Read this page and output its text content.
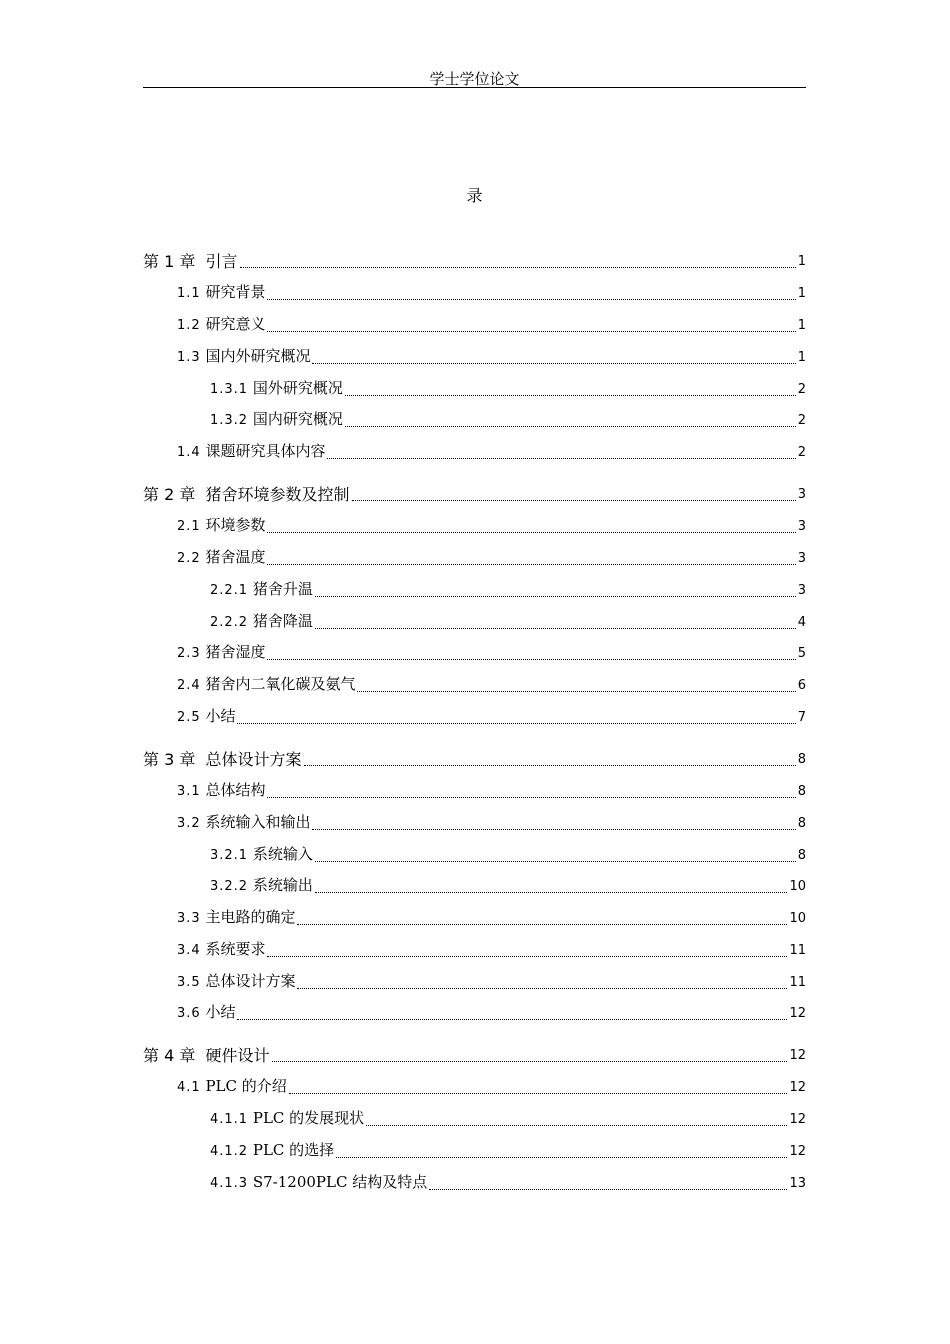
学士学位论文
录
第 1 章 引言	1
1.1 研究背景	1
1.2 研究意义	1
1.3 国内外研究概况	1
1.3.1 国外研究概况	2
1.3.2 国内研究概况	2
1.4 课题研究具体内容	2
第 2 章 猪舍环境参数及控制	3
2.1 环境参数	3
2.2 猪舍温度	3
2.2.1 猪舍升温	3
2.2.2 猪舍降温	4
2.3 猪舍湿度	5
2.4 猪舍内二氧化碳及氨气	6
2.5 小结	7
第 3 章 总体设计方案	8
3.1 总体结构	8
3.2 系统输入和输出	8
3.2.1 系统输入	8
3.2.2 系统输出	10
3.3 主电路的确定	10
3.4 系统要求	11
3.5 总体设计方案	11
3.6 小结	12
第 4 章 硬件设计	12
4.1 PLC 的介绍	12
4.1.1 PLC 的发展现状	12
4.1.2 PLC 的选择	12
4.1.3 S7-1200PLC 结构及特点	13
